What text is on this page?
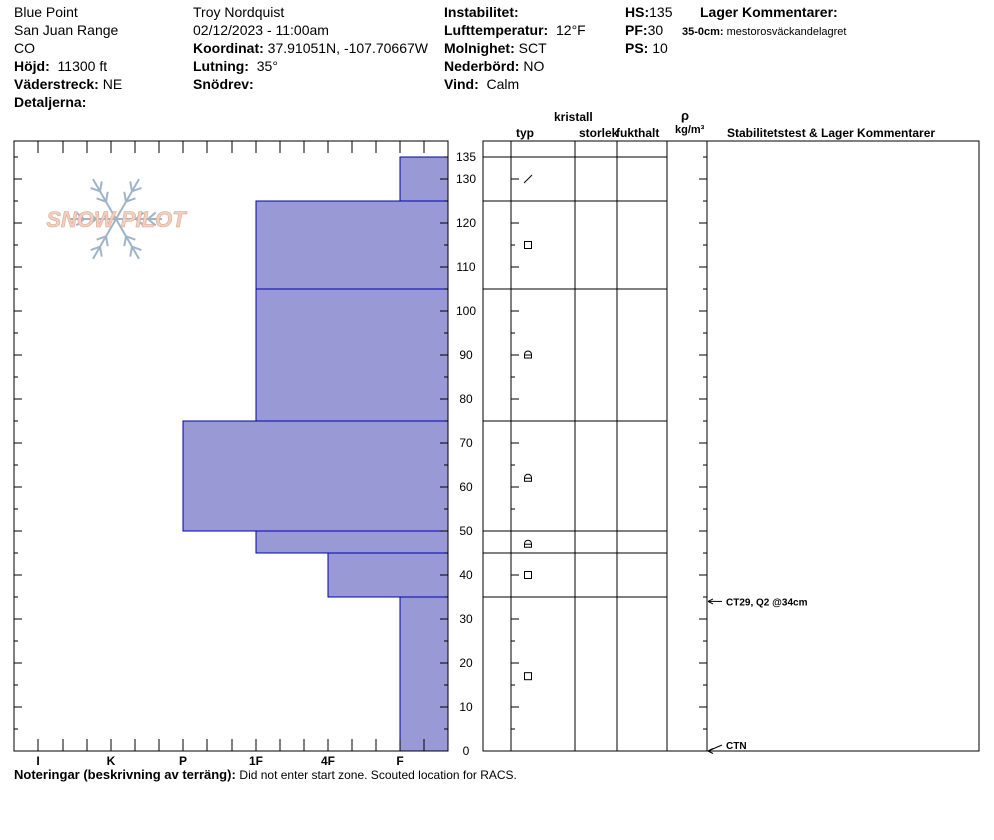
Blue Point
San Juan Range
CO
Höjd: 11300 ft
Väderstreck: NE
Detaljerna:
Troy Nordquist
02/12/2023 - 11:00am
Koordinat: 37.91051N, -107.70667W
Lutning: 35°
Snödrev:
Instabilitet:
Lufttemperatur: 12°F
Molnighet: SCT
Nederbörd: NO
Vind: Calm
HS:135
PF:30
PS: 10
Lager Kommentarer:
35-0cm: mestorosväckandelagret
kristall
typ	storlek
fukthalt
ρ
kg/m³ Stabilitetstest & Lager Kommentarer
SNOW PILOT
0
10
20
30
40
50
60
70
80
90
100
110
120
130
135
I	K	P	1F	4F	F
CT29, Q2 @34cm
CTN
Noteringar (beskrivning av terräng): Did not enter start zone. Scouted location for RACS.
